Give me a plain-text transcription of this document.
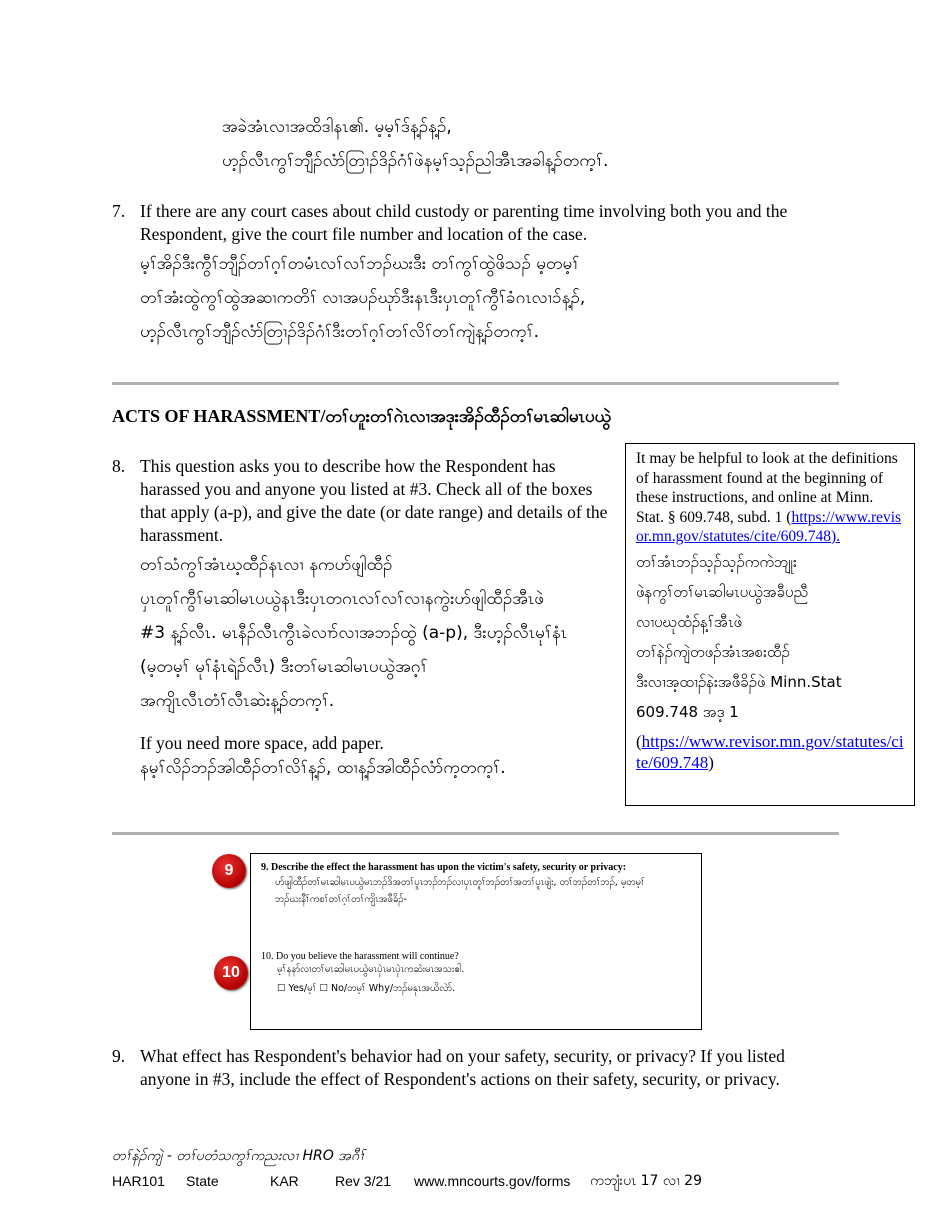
အခဲအံၤလၢအထိဒါနၤ၏. မ့မ့ၢ်ဒ်န့ၣ်န့ၣ်,
ဟ့ၣ်လီၤကွၢ်ဘျီၣ်လံာ်တြၢၣ်ဒိၣ်ဂံၢ်ဖဲနမ့ၢ်သ့ၣ်ညါအီၤအခါန့ၣ်တက့ၢ်.
7. If there are any court cases about child custody or parenting time involving both you and the Respondent, give the court file number and location of the case.
မ့ၢ်အိၣ်ဒီးကွီၢ်ဘျီၣ်တၢ်ဂ့ၢ်တမံၤလၢ်လၢ်ဘၣ်ဃးဒီး တၢ်ကွၢ်ထွဲဖိသၣ် မ့တမ့ၢ်
တၢ်အံးထွဲကွၢ်ထွဲအဆၢကတိၢ် လၢအပၣ်ဃုာ်ဒီးနၤဒီးပှၤတူၢ်ကွီၢ်ခံဂၤလၢၥ်န့ၣ်,
ဟ့ၣ်လီၤကွၢ်ဘျီၣ်လံာ်တြၢၣ်ဒိၣ်ဂံၢ်ဒီးတၢ်ဂ့ၢ်တၢ်လိၢ်တၢ်ကျဲန့ၣ်တက့ၢ်.
ACTS OF HARASSMENT/တၢ်ဟူးတၢ်ဂဲၤလၢအဒုးအိၣ်ထီၣ်တၢ်မၤဆါမၤပယွဲ
8. This question asks you to describe how the Respondent has harassed you and anyone you listed at #3. Check all of the boxes that apply (a-p), and give the date (or date range) and details of the harassment.
တၢ်သံကွၢ်အံၤဃ့ထီၣ်နၤလၢ နကဟ်ဖျါထီၣ်
ပှၤတူၢ်ကွီၢ်မၤဆါမၤပယွဲနၤဒီးပှၤတဂၤလၢ်လၢ်လၢနကွဲးဟ်ဖျါထီၣ်အီၤဖဲ
#3 န့ၣ်လီၤ. မၤနီၣ်လီၤကွီၤခဲလၢာ်လၢအဘၣ်ထွဲ (a-p), ဒီးဟ့ၣ်လီၤမုၢ်နံၤ
(မ့တမ့ၢ် မုၢ်နံၤရဲၣ်လီၤ) ဒီးတၢ်မၤဆါမၤပယွဲအဂ့ၢ်
အကျိၤလီၤတံၢ်လီၤဆဲးန့ၣ်တက့ၢ်.
If you need more space, add paper.
နမ့ၢ်လိၣ်ဘၣ်အါထီၣ်တၢ်လိၢ်န့ၣ်, ထၢန့ၣ်အါထီၣ်လံာ်က့တက့ၢ်.
It may be helpful to look at the definitions of harassment found at the beginning of these instructions, and online at Minn. Stat. § 609.748, subd. 1 (https://www.revisor.mn.gov/statutes/cite/609.748).
တၢ်အံၤဘၣ်သ့ၣ်သ့ၣ်ကကဲဘျုး
ဖဲနကွၢ်တၢ်မၤဆါမၤပယွဲအခီပညီ
လၢပဃုထံၣ်န့ၢ်အီၤဖဲ
တၢ်နဲၣ်ကျဲတဖၣ်အံၤအစးထီၣ်
ဒီးလၢအ့ထၢၣ်နဲးအဖီခိၣ်ဖဲ Minn.Stat
609.748 အဒ့ 1
(https://www.revisor.mn.gov/statutes/cite/609.748)
9
10
9. Describe the effect the harassment has upon the victim's safety, security or privacy:
ဟ်ဖျါထီၣ်တၢ်မၤဆါမၤပယွဲမၤဘၣ်ဒိအတၢ်ပူၤဘၣ်ဘၣ်လၢပှၤတူၢ်ဘၣ်တၢ်အတၢ်ပူၤဖျဲး, တၢ်ဘၣ်တၢ်ဘၣ်, မ့တမ့ၢ်
ဘၣ်ဃးနီၢ်ကစၢ်တၢ်ဂ့ၢ်တၢ်ကျိၤအဖီခိၣ်-
10. Do you believe the harassment will continue?
မ့ၢ်နနာ်လၢတၢ်မၤဆါမၤပယွဲမၤပှဲၤမၤပှဲၤကဆဲးမၤအသးဧါ.
☐ Yes/မ့ၢ် ☐ No/တမ့ၢ် Why/ဘၣ်မနုၤအယိလဲာ်.
9. What effect has Respondent's behavior had on your safety, security, or privacy? If you listed anyone in #3, include the effect of Respondent's actions on their safety, security, or privacy.
တၢ်နဲၣ်ကျဲ - တၢ်ပတံသကွၢ်ကညးလၢ HRO အဂီၢ်
HAR101 State	KAR	Rev 3/21 www.mncourts.gov/forms ကဘျံးပၤ 17 လၢ 29
